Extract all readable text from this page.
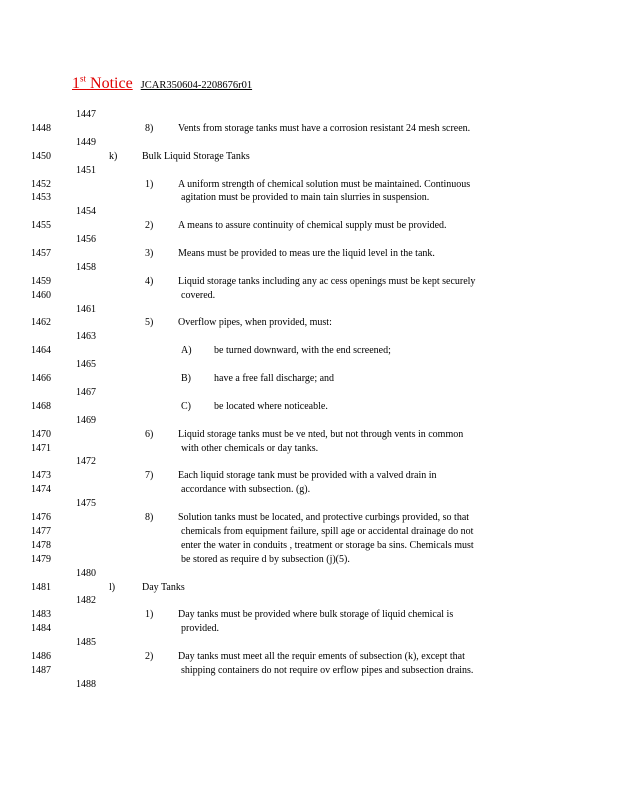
1st Notice JCAR350604-2208676r01
1447
1448
1449
1450
1451
1452
1453
1454
1455
1456
1457
1458
1459
1460
1461
1462
1463
1464
1465
1466
1467
1468
1469
1470
1471
1472
1473
1474
1475
1476
1477
1478
1479
1480
1481
1482
1483
1484
1485
1486
1487
1488
8) Vents from storage tanks must have a corrosion resistant 24 mesh screen.
k) Bulk Liquid Storage Tanks
1) A uniform strength of chemical solution must be maintained. Continuous
agitation must be provided to main tain slurries in suspension.
2) A means to assure continuity of chemical supply must be provided.
3) Means must be provided to meas ure the liquid level in the tank.
4) Liquid storage tanks including any ac cess openings must be kept securely
covered.
5) Overflow pipes, when provided, must:
A) be turned downward, with the end screened;
B) have a free fall discharge; and
C) be located where noticeable.
6) Liquid storage tanks must be ve nted, but not through vents in common
with other chemicals or day tanks.
7) Each liquid storage tank must be provided with a valved drain in
accordance with subsection. (g).
8) Solution tanks must be located, and protective curbings provided, so that
chemicals from equipment failure, spill age or accidental drainage do not
enter the water in conduits , treatment or storage ba sins. Chemicals must
be stored as require d by subsection (j)(5).
l)	Day Tanks
1) Day tanks must be provided where bulk storage of liquid chemical is
provided.
2) Day tanks must meet all the requir ements of subsection (k), except that
shipping containers do not require ov erflow pipes and subsection drains.
